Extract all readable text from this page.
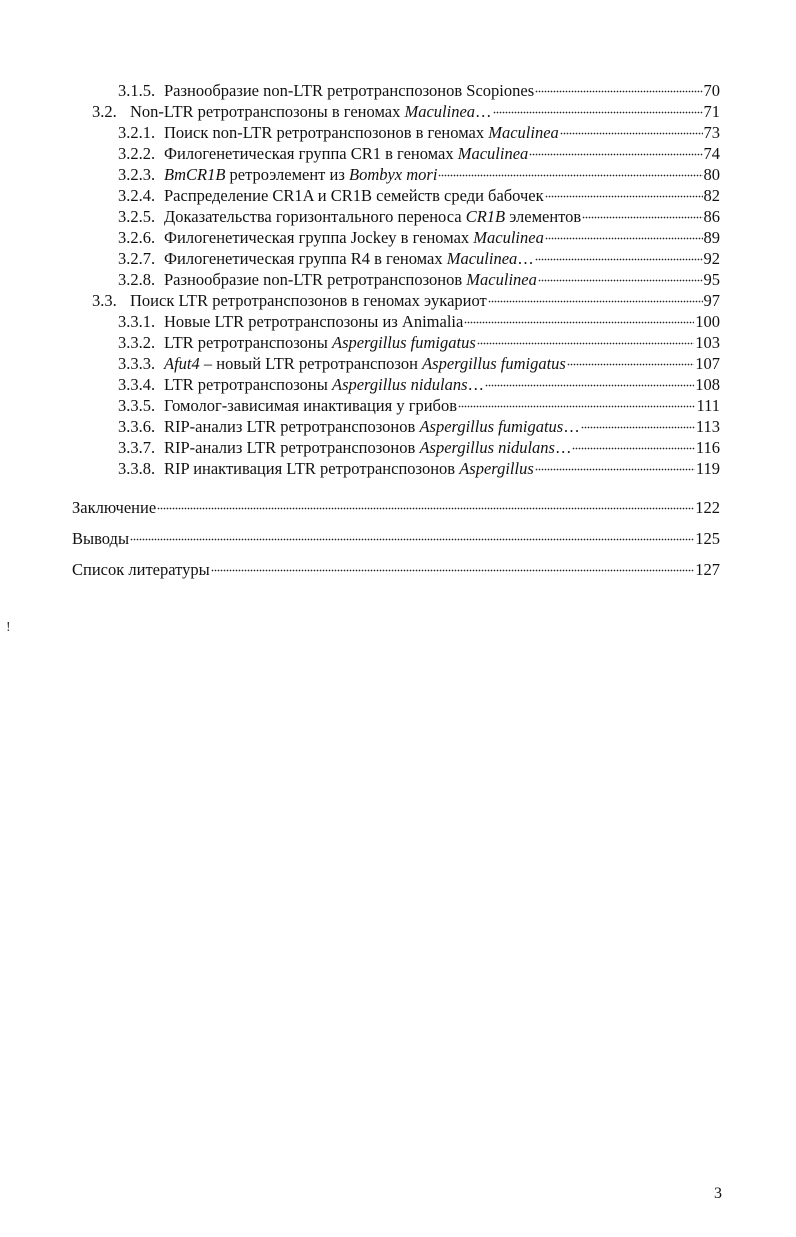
3.1.5. Разнообразие non-LTR ретротранспозонов Scopiones	70
3.2. Non-LTR ретротранспозоны в геномах Maculinea…	71
3.2.1. Поиск non-LTR ретротранспозонов в геномах Maculinea	73
3.2.2. Филогенетическая группа CR1 в геномах Maculinea	74
3.2.3. BmCR1B ретроэлемент из Bombyx mori	80
3.2.4. Распределение CR1A и CR1B семейств среди бабочек	82
3.2.5. Доказательства горизонтального переноса CR1B элементов	86
3.2.6. Филогенетическая группа Jockey в геномах Maculinea	89
3.2.7. Филогенетическая группа R4 в геномах Maculinea…	92
3.2.8. Разнообразие non-LTR ретротранспозонов Maculinea	95
3.3. Поиск LTR ретротранспозонов в геномах эукариот	97
3.3.1. Новые LTR ретротранспозоны из Animalia	100
3.3.2. LTR ретротранспозоны Aspergillus fumigatus	103
3.3.3. Afut4 – новый LTR ретротранспозон Aspergillus fumigatus	107
3.3.4. LTR ретротранспозоны Aspergillus nidulans…	108
3.3.5. Гомолог-зависимая инактивация у грибов	111
3.3.6. RIP-анализ LTR ретротранспозонов Aspergillus fumigatus…	113
3.3.7. RIP-анализ LTR ретротранспозонов Aspergillus nidulans…	116
3.3.8. RIP инактивация LTR ретротранспозонов Aspergillus	119
Заключение	122
Выводы	125
Список литературы	127
!
3
